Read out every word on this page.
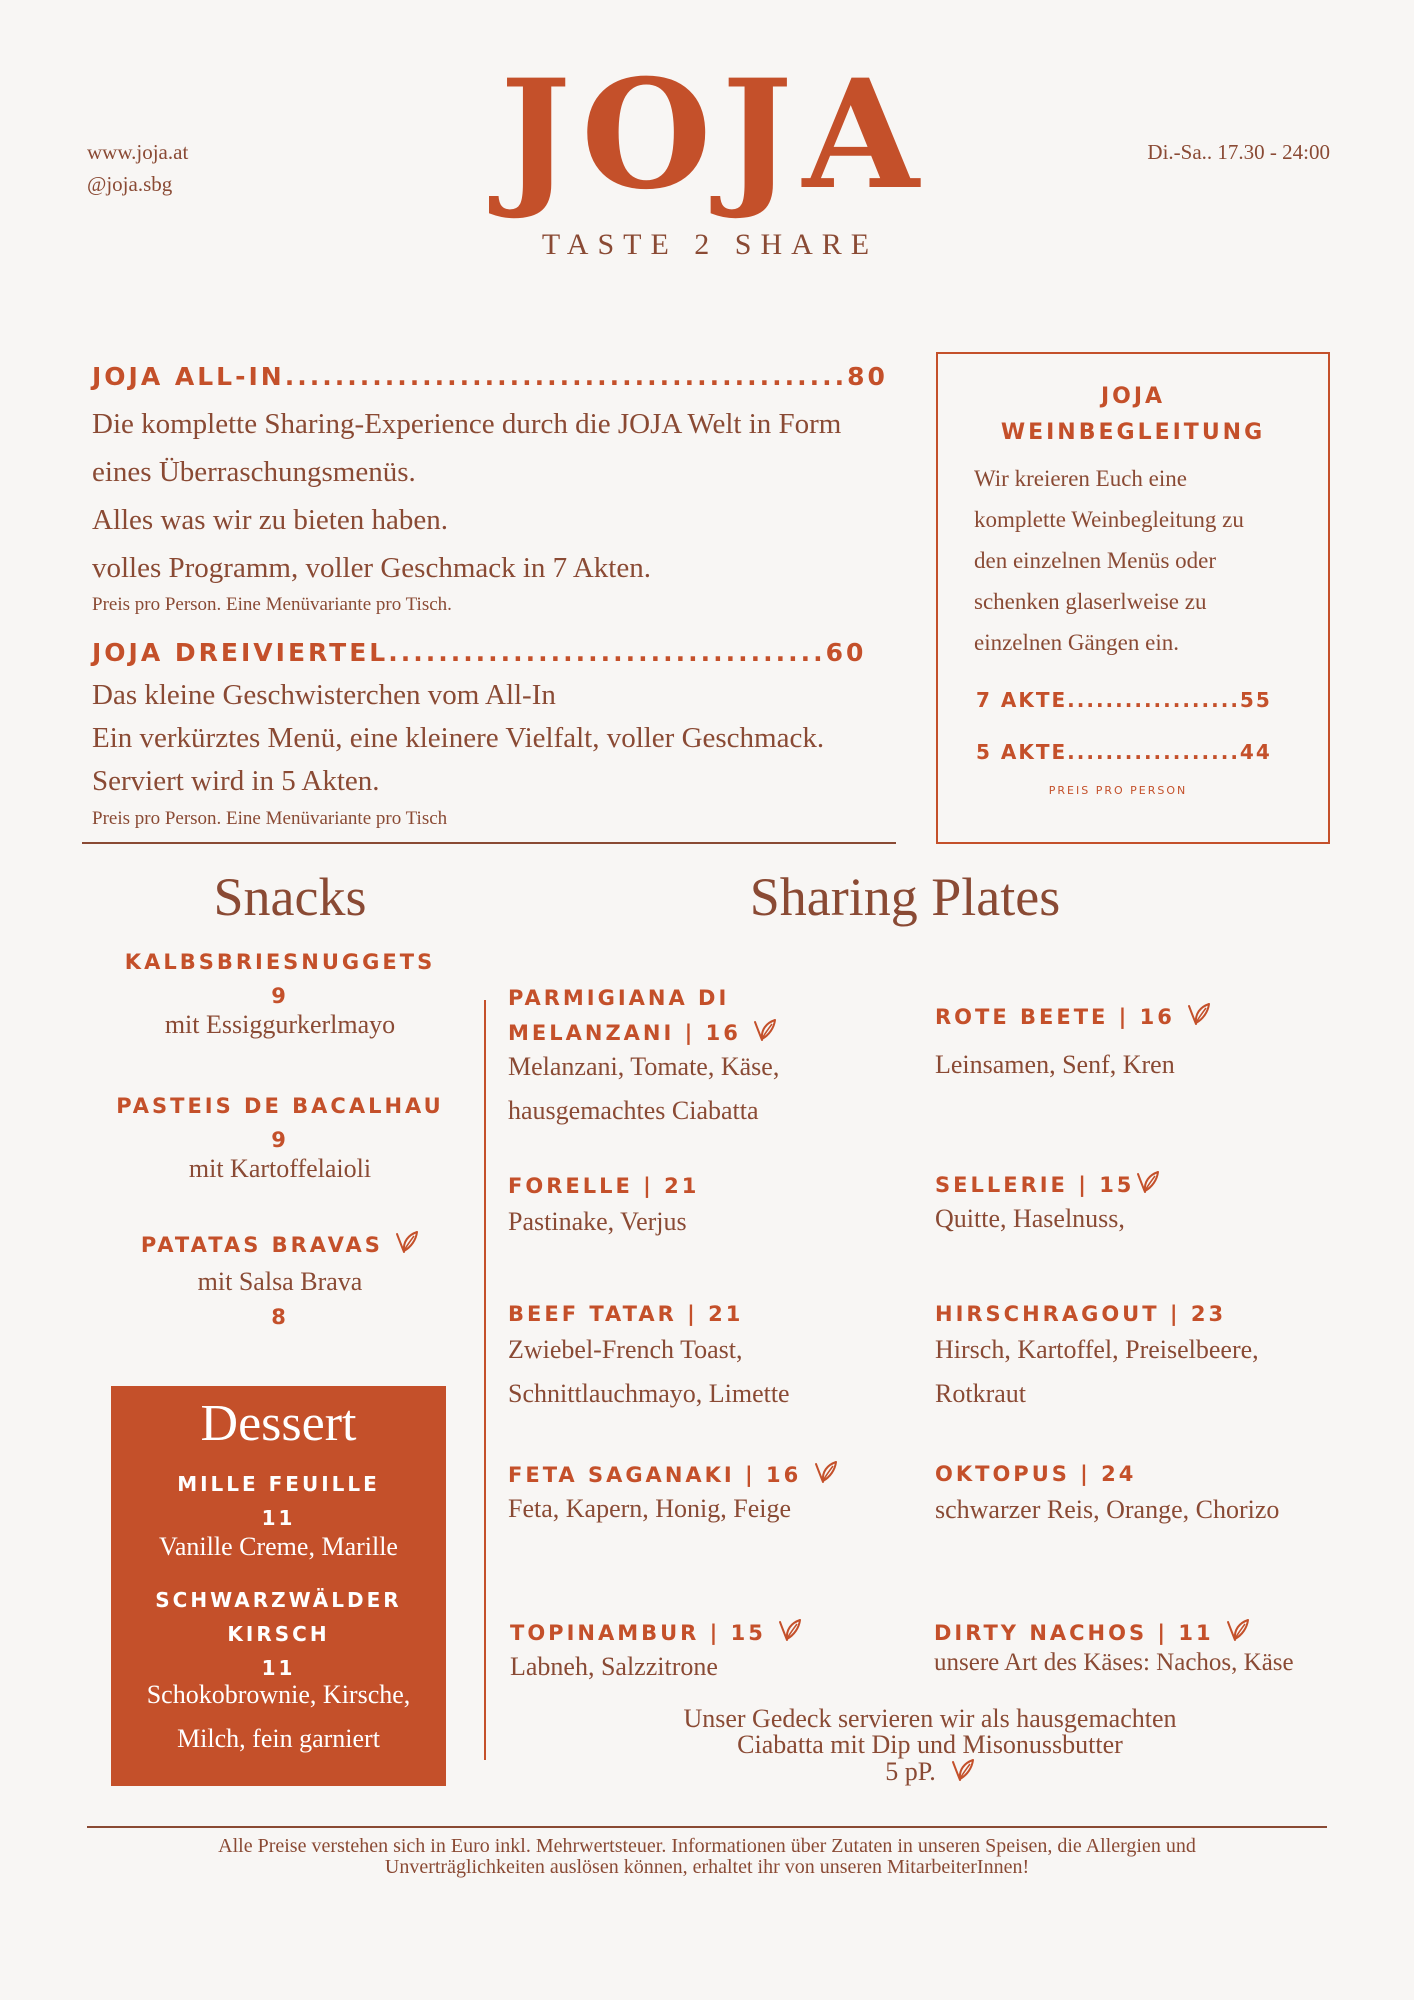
www.joja.at
@joja.sbg JOJA
TASTE 2 SHARE
Di.-Sa.. 17.30 - 24:00
JOJA ALL-IN.............................................80
Die komplette Sharing-Experience durch die JOJA Welt in Form
eines Überraschungsmenüs.
Alles was wir zu bieten haben.
volles Programm, voller Geschmack in 7 Akten.
Preis pro Person. Eine Menüvariante pro Tisch.
JOJA DREIVIERTEL...................................60
Das kleine Geschwisterchen vom All-In
Ein verkürztes Menü, eine kleinere Vielfalt, voller Geschmack.
Serviert wird in 5 Akten.
Preis pro Person. Eine Menüvariante pro Tisch
JOJA
WEINBEGLEITUNG
Wir kreieren Euch eine
komplette Weinbegleitung zu
den einzelnen Menüs oder
schenken glaserlweise zu
einzelnen Gängen ein.
7 AKTE..................55
5 AKTE..................44
PREIS PRO PERSON
Snacks
KALBSBRIESNUGGETS
9
mit Essiggurkerlmayo
PASTEIS DE BACALHAU
9
mit Kartoffelaioli
PATATAS BRAVAS
mit Salsa Brava
8
Dessert
MILLE FEUILLE
11
Vanille Creme, Marille
SCHWARZWÄLDER
KIRSCH
11
Schokobrownie, Kirsche,
Milch, fein garniert
Sharing Plates
PARMIGIANA DI
MELANZANI | 16
Melanzani, Tomate, Käse,
hausgemachtes Ciabatta
FORELLE | 21
Pastinake, Verjus
BEEF TATAR | 21
Zwiebel-French Toast,
Schnittlauchmayo, Limette
FETA SAGANAKI | 16
Feta, Kapern, Honig, Feige
TOPINAMBUR | 15
Labneh, Salzzitrone
ROTE BEETE | 16
Leinsamen, Senf, Kren
SELLERIE | 15
Quitte, Haselnuss,
HIRSCHRAGOUT | 23
Hirsch, Kartoffel, Preiselbeere,
Rotkraut
OKTOPUS | 24
schwarzer Reis, Orange, Chorizo
DIRTY NACHOS | 11
unsere Art des Käses: Nachos, Käse
Unser Gedeck servieren wir als hausgemachten
Ciabatta mit Dip und Misonussbutter
5 pP.
Alle Preise verstehen sich in Euro inkl. Mehrwertsteuer. Informationen über Zutaten in unseren Speisen, die Allergien und
Unverträglichkeiten auslösen können, erhaltet ihr von unseren MitarbeiterInnen!
